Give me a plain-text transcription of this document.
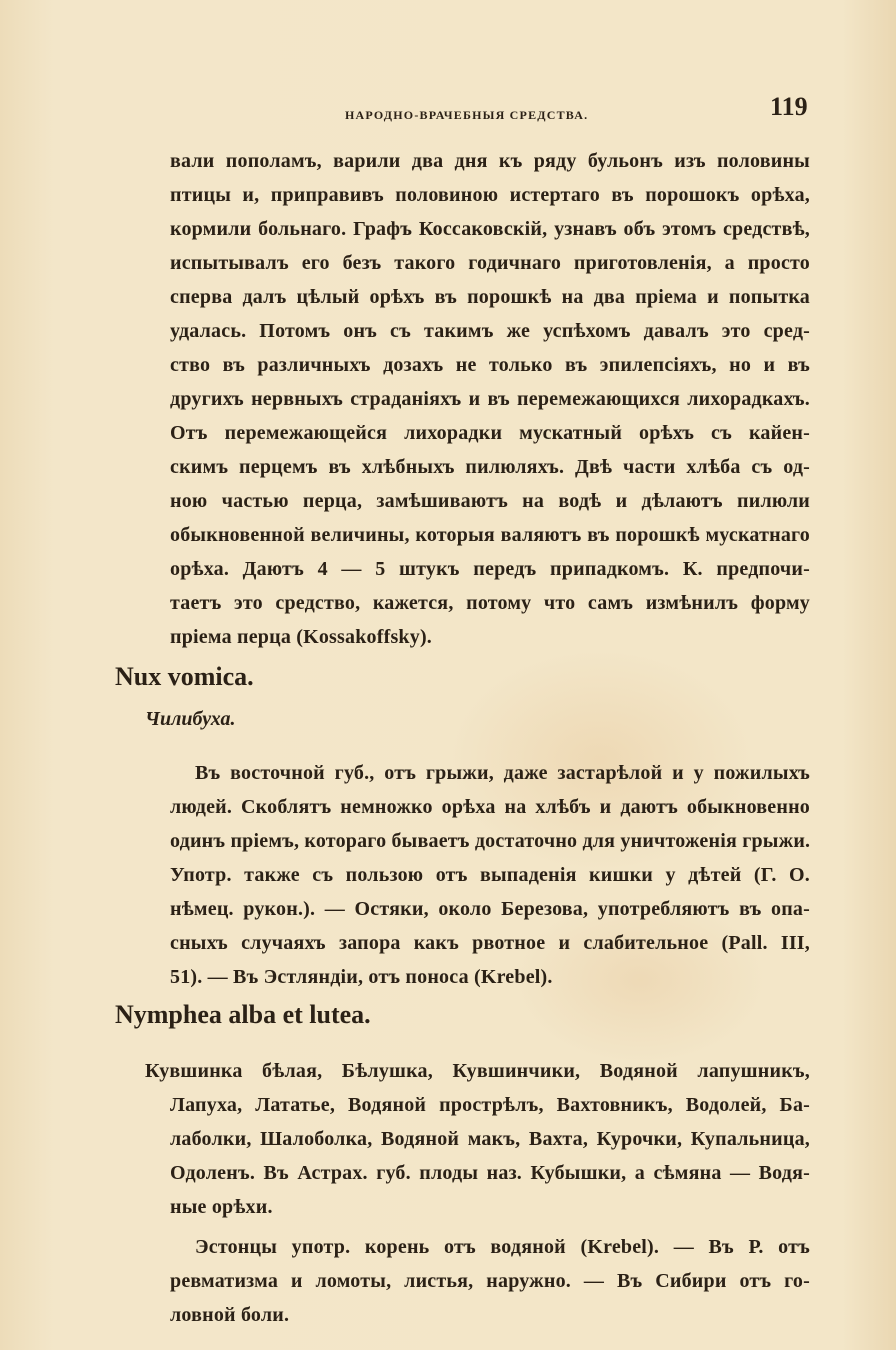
НАРОДНО-ВРАЧЕБНЫЯ СРЕДСТВА.	119
вали пополамъ, варили два дня къ ряду бульонъ изъ половины
птицы и, приправивъ половиною истертаго въ порошокъ орѣха,
кормили больнаго. Графъ Коссаковскій, узнавъ объ этомъ средствѣ,
испытывалъ его безъ такого годичнаго приготовленія, а просто
сперва далъ цѣлый орѣхъ въ порошкѣ на два пріема и попытка
удалась. Потомъ онъ съ такимъ же успѣхомъ давалъ это сред-
ство въ различныхъ дозахъ не только въ эпилепсіяхъ, но и въ
другихъ нервныхъ страданіяхъ и въ перемежающихся лихорадкахъ.
Отъ перемежающейся лихорадки мускатный орѣхъ съ кайен-
скимъ перцемъ въ хлѣбныхъ пилюляхъ. Двѣ части хлѣба съ од-
ною частью перца, замѣшиваютъ на водѣ и дѣлаютъ пилюли
обыкновенной величины, которыя валяютъ въ порошкѣ мускатнаго
орѣха. Даютъ 4 — 5 штукъ передъ припадкомъ. К. предпочи-
таетъ это средство, кажется, потому что самъ измѣнилъ форму
пріема перца (Kossakoffsky).
Nux vomica.
Чилибуха.
Въ восточной губ., отъ грыжи, даже застарѣлой и у пожилыхъ
людей. Скоблятъ немножко орѣха на хлѣбъ и даютъ обыкновенно
одинъ пріемъ, котораго бываетъ достаточно для уничтоженія грыжи.
Употр. также съ пользою отъ выпаденія кишки у дѣтей (Г. О.
нѣмец. рукон.). — Остяки, около Березова, употребляютъ въ опа-
сныхъ случаяхъ запора какъ рвотное и слабительное (Pall. III,
51). — Въ Эстляндіи, отъ поноса (Krebel).
Nymphea alba et lutea.
Кувшинка бѣлая, Бѣлушка, Кувшинчики, Водяной лапушникъ,
Лапуха, Лататье, Водяной прострѣлъ, Вахтовникъ, Водолей, Ба-
лаболки, Шалоболка, Водяной макъ, Вахта, Курочки, Купальница,
Одоленъ. Въ Астрах. губ. плоды наз. Кубышки, а сѣмяна — Водя-
ные орѣхи.
Эстонцы употр. корень отъ водяной (Krebel). — Въ Р. отъ
ревматизма и ломоты, листья, наружно. — Въ Сибири отъ го-
ловной боли.
